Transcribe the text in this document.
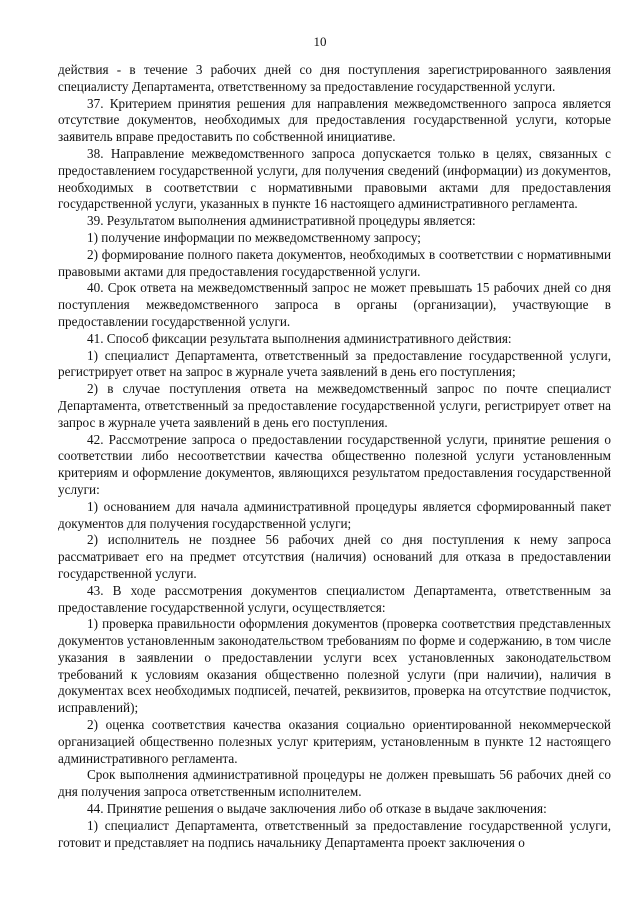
10

действия - в течение 3 рабочих дней со дня поступления зарегистрированного заявления специалисту Департамента, ответственному за предоставление государственной услуги.

37. Критерием принятия решения для направления межведомственного запроса является отсутствие документов, необходимых для предоставления государственной услуги, которые заявитель вправе предоставить по собственной инициативе.

38. Направление межведомственного запроса допускается только в целях, связанных с предоставлением государственной услуги, для получения сведений (информации) из документов, необходимых в соответствии с нормативными правовыми актами для предоставления государственной услуги, указанных в пункте 16 настоящего административного регламента.

39. Результатом выполнения административной процедуры является:

1) получение информации по межведомственному запросу;

2) формирование полного пакета документов, необходимых в соответствии с нормативными правовыми актами для предоставления государственной услуги.

40. Срок ответа на межведомственный запрос не может превышать 15 рабочих дней со дня поступления межведомственного запроса в органы (организации), участвующие в предоставлении государственной услуги.

41. Способ фиксации результата выполнения административного действия:

1) специалист Департамента, ответственный за предоставление государственной услуги, регистрирует ответ на запрос в журнале учета заявлений в день его поступления;

2) в случае поступления ответа на межведомственный запрос по почте специалист Департамента, ответственный за предоставление государственной услуги, регистрирует ответ на запрос в журнале учета заявлений в день его поступления.

42. Рассмотрение запроса о предоставлении государственной услуги, принятие решения о соответствии либо несоответствии качества общественно полезной услуги установленным критериям и оформление документов, являющихся результатом предоставления государственной услуги:

1) основанием для начала административной процедуры является сформированный пакет документов для получения государственной услуги;

2) исполнитель не позднее 56 рабочих дней со дня поступления к нему запроса рассматривает его на предмет отсутствия (наличия) оснований для отказа в предоставлении государственной услуги.

43. В ходе рассмотрения документов специалистом Департамента, ответственным за предоставление государственной услуги, осуществляется:

1) проверка правильности оформления документов (проверка соответствия представленных документов установленным законодательством требованиям по форме и содержанию, в том числе указания в заявлении о предоставлении услуги всех установленных законодательством требований к условиям оказания общественно полезной услуги (при наличии), наличия в документах всех необходимых подписей, печатей, реквизитов, проверка на отсутствие подчисток, исправлений);

2) оценка соответствия качества оказания социально ориентированной некоммерческой организацией общественно полезных услуг критериям, установленным в пункте 12 настоящего административного регламента.

Срок выполнения административной процедуры не должен превышать 56 рабочих дней со дня получения запроса ответственным исполнителем.

44. Принятие решения о выдаче заключения либо об отказе в выдаче заключения:

1) специалист Департамента, ответственный за предоставление государственной услуги, готовит и представляет на подпись начальнику Департамента проект заключения о
